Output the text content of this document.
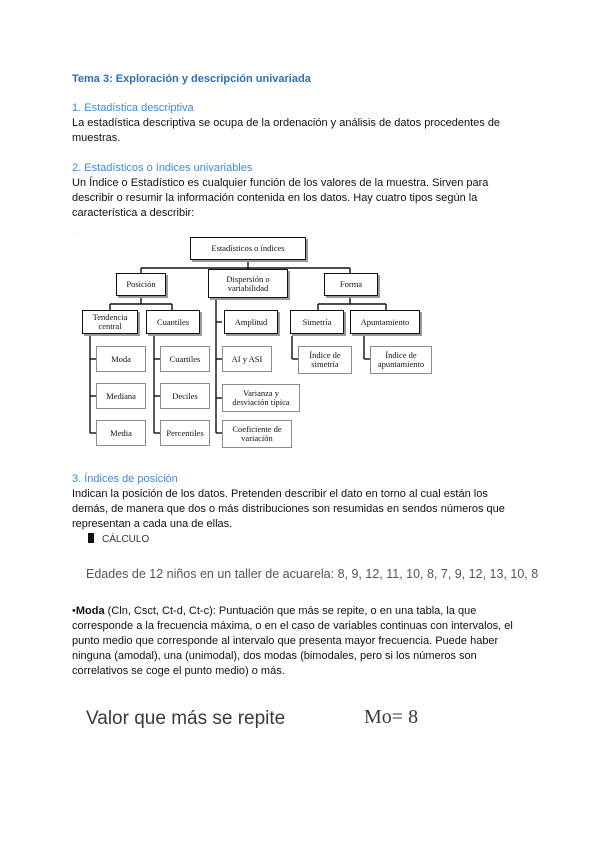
Tema 3: Exploración y descripción univariada
1. Estadística descriptiva
La estadística descriptiva se ocupa de la ordenación y análisis de datos procedentes de
muestras.
2. Estadísticos o índices univariables
Un Índice o Estadístico es cualquier función de los valores de la muestra. Sirven para
describir o resumir la información contenida en los datos. Hay cuatro tipos según la
característica a describir:
..
Estadísticos o índices
Posición
Dispersión o
variabilidad	Forma
Tendencia
central	Cuantiles	Amplitud	Simetría	Apuntamiento
Moda
Mediana
Media
Cuartiles
Deciles
Percentiles
AI y ASI
Varianza y
desviación típica
Coeficiente de
variación
Índice de
simetría
Índice de
apuntamiento
3. Índices de posición
Indican la posición de los datos. Pretenden describir el dato en torno al cual están los
demás, de manera que dos o más distribuciones son resumidas en sendos números que
representan a cada una de ellas.
CÁLCULO
Edades de 12 niños en un taller de acuarela: 8, 9, 12, 11, 10, 8, 7, 9, 12, 13, 10, 8
•Moda (Cln, Csct, Ct-d, Ct-c): Puntuación que más se repite, o en una tabla, la que
corresponde a la frecuencia máxima, o en el caso de variables continuas con intervalos, el
punto medio que corresponde al intervalo que presenta mayor frecuencia. Puede haber
ninguna (amodal), una (unimodal), dos modas (bimodales, pero si los números son
correlativos se coge el punto medio) o más.
Valor que más se repite	Mo= 8
